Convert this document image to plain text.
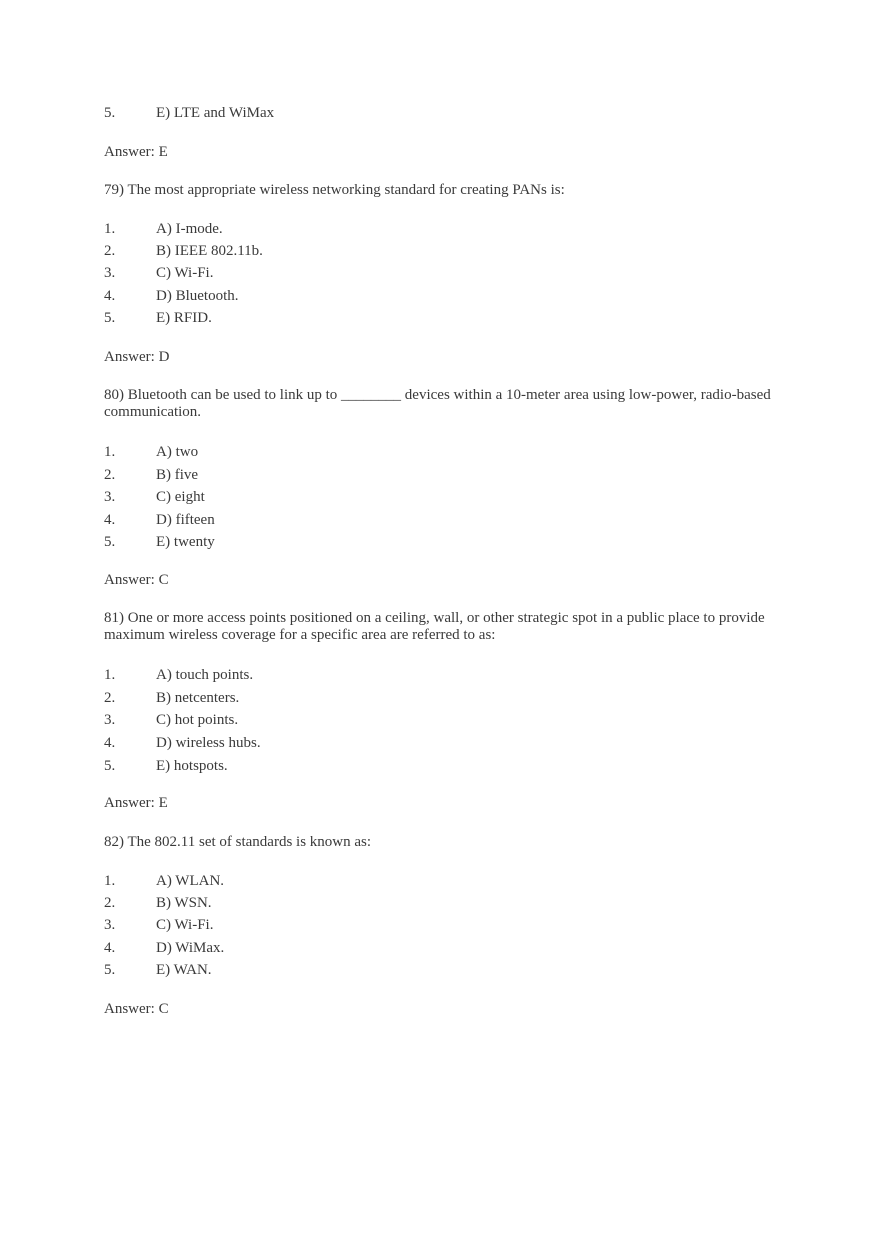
5.	E) LTE and WiMax
Answer: E
79) The most appropriate wireless networking standard for creating PANs is:
1.	A) I-mode.
2.	B) IEEE 802.11b.
3.	C) Wi-Fi.
4.	D) Bluetooth.
5.	E) RFID.
Answer: D
80) Bluetooth can be used to link up to ________ devices within a 10-meter area using low-power, radio-based communication.
1.	A) two
2.	B) five
3.	C) eight
4.	D) fifteen
5.	E) twenty
Answer: C
81) One or more access points positioned on a ceiling, wall, or other strategic spot in a public place to provide maximum wireless coverage for a specific area are referred to as:
1.	A) touch points.
2.	B) netcenters.
3.	C) hot points.
4.	D) wireless hubs.
5.	E) hotspots.
Answer: E
82) The 802.11 set of standards is known as:
1.	A) WLAN.
2.	B) WSN.
3.	C) Wi-Fi.
4.	D) WiMax.
5.	E) WAN.
Answer: C
